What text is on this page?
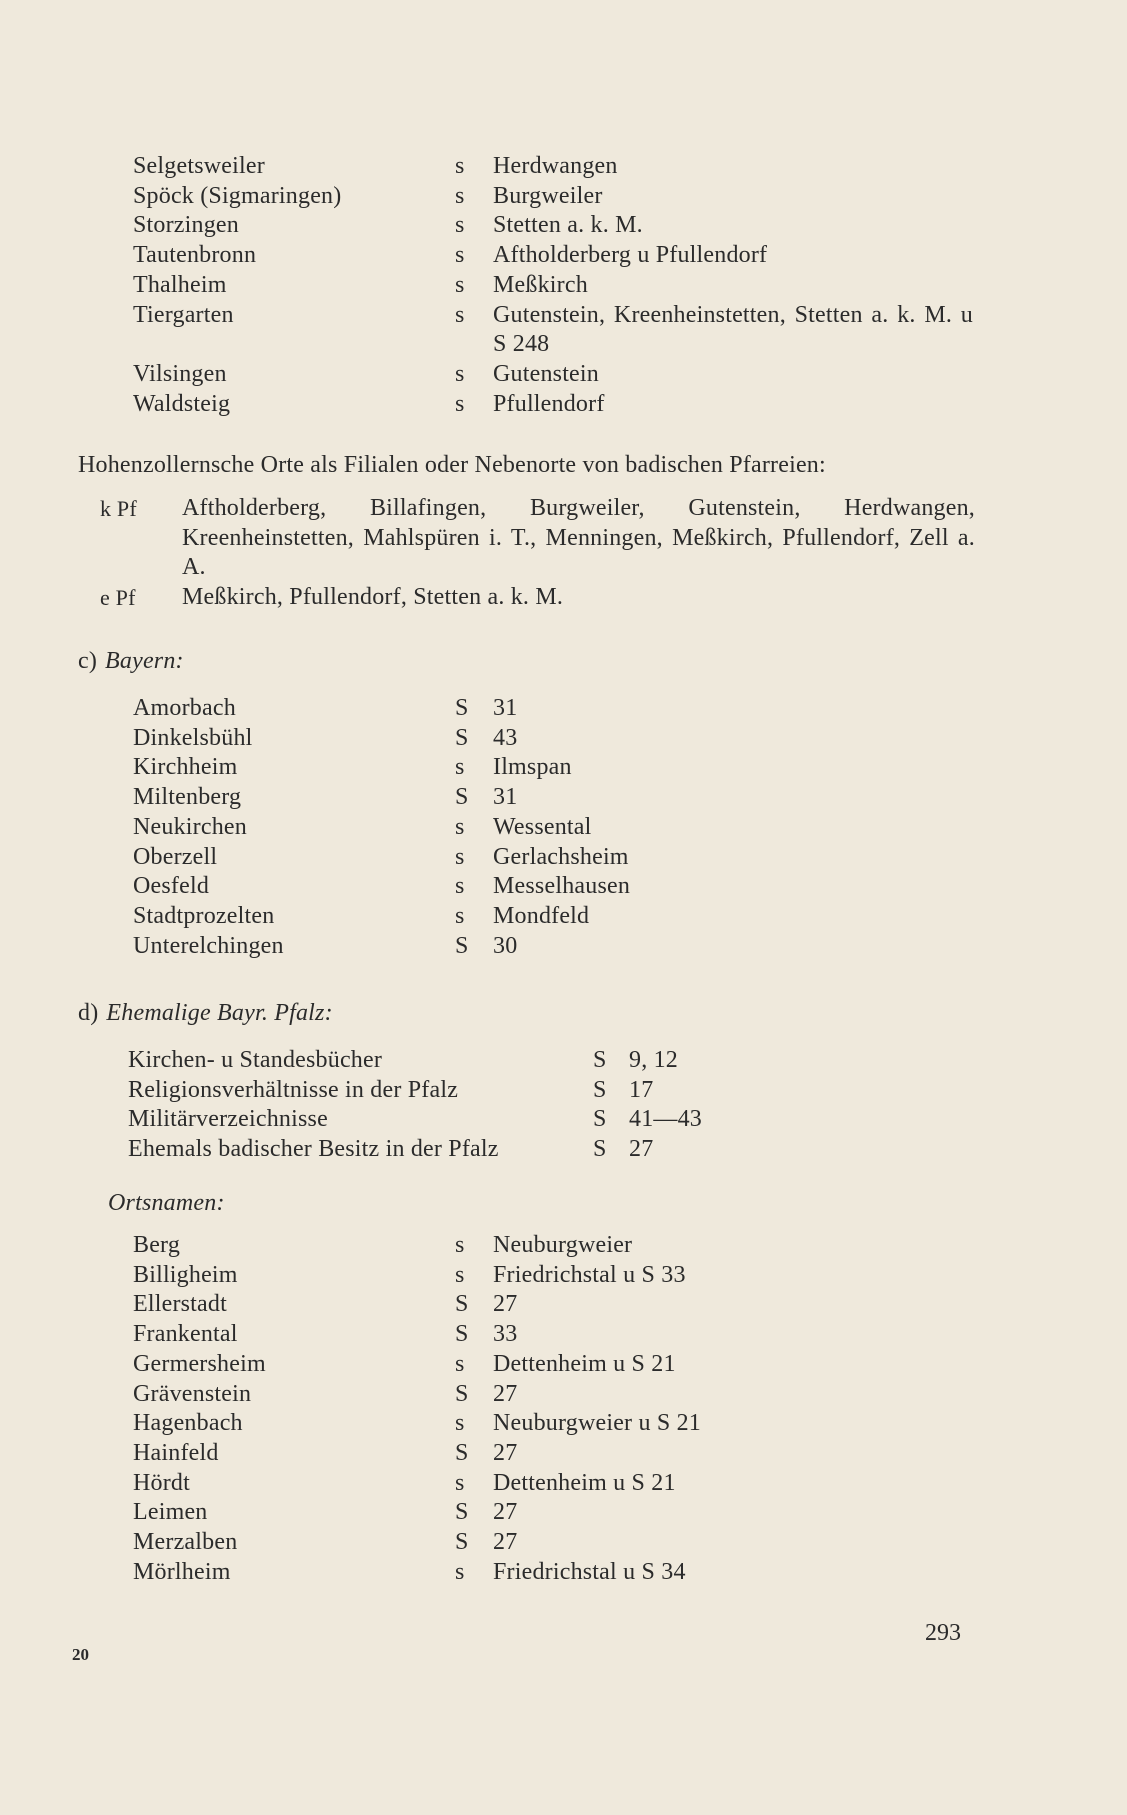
Selgetsweiler	s	Herdwangen
Spöck (Sigmaringen)	s	Burgweiler
Storzingen	s	Stetten a. k. M.
Tautenbronn	s	Aftholderberg u Pfullendorf
Thalheim	s	Meßkirch
Tiergarten	s	Gutenstein, Kreenheinstetten, Stetten a. k. M. u S 248
Vilsingen	s	Gutenstein
Waldsteig	s	Pfullendorf
Hohenzollernsche Orte als Filialen oder Nebenorte von badischen Pfarreien:
k Pf	Aftholderberg, Billafingen, Burgweiler, Gutenstein, Herdwangen, Kreenheinstetten, Mahlspüren i. T., Menningen, Meßkirch, Pfullendorf, Zell a. A.
e Pf	Meßkirch, Pfullendorf, Stetten a. k. M.
c) Bayern:
Amorbach	S	31
Dinkelsbühl	S	43
Kirchheim	s	Ilmspan
Miltenberg	S	31
Neukirchen	s	Wessental
Oberzell	s	Gerlachsheim
Oesfeld	s	Messelhausen
Stadtprozelten	s	Mondfeld
Unterelchingen	S	30
d) Ehemalige Bayr. Pfalz:
Kirchen- u Standesbücher	S 9, 12
Religionsverhältnisse in der Pfalz	S 17
Militärverzeichnisse	S 41—43
Ehemals badischer Besitz in der Pfalz	S 27
Ortsnamen:
Berg	s	Neuburgweier
Billigheim	s	Friedrichstal u S 33
Ellerstadt	S	27
Frankental	S	33
Germersheim	s	Dettenheim u S 21
Grävenstein	S	27
Hagenbach	s	Neuburgweier u S 21
Hainfeld	S	27
Hördt	s	Dettenheim u S 21
Leimen	S	27
Merzalben	S	27
Mörlheim	s	Friedrichstal u S 34
293
20
